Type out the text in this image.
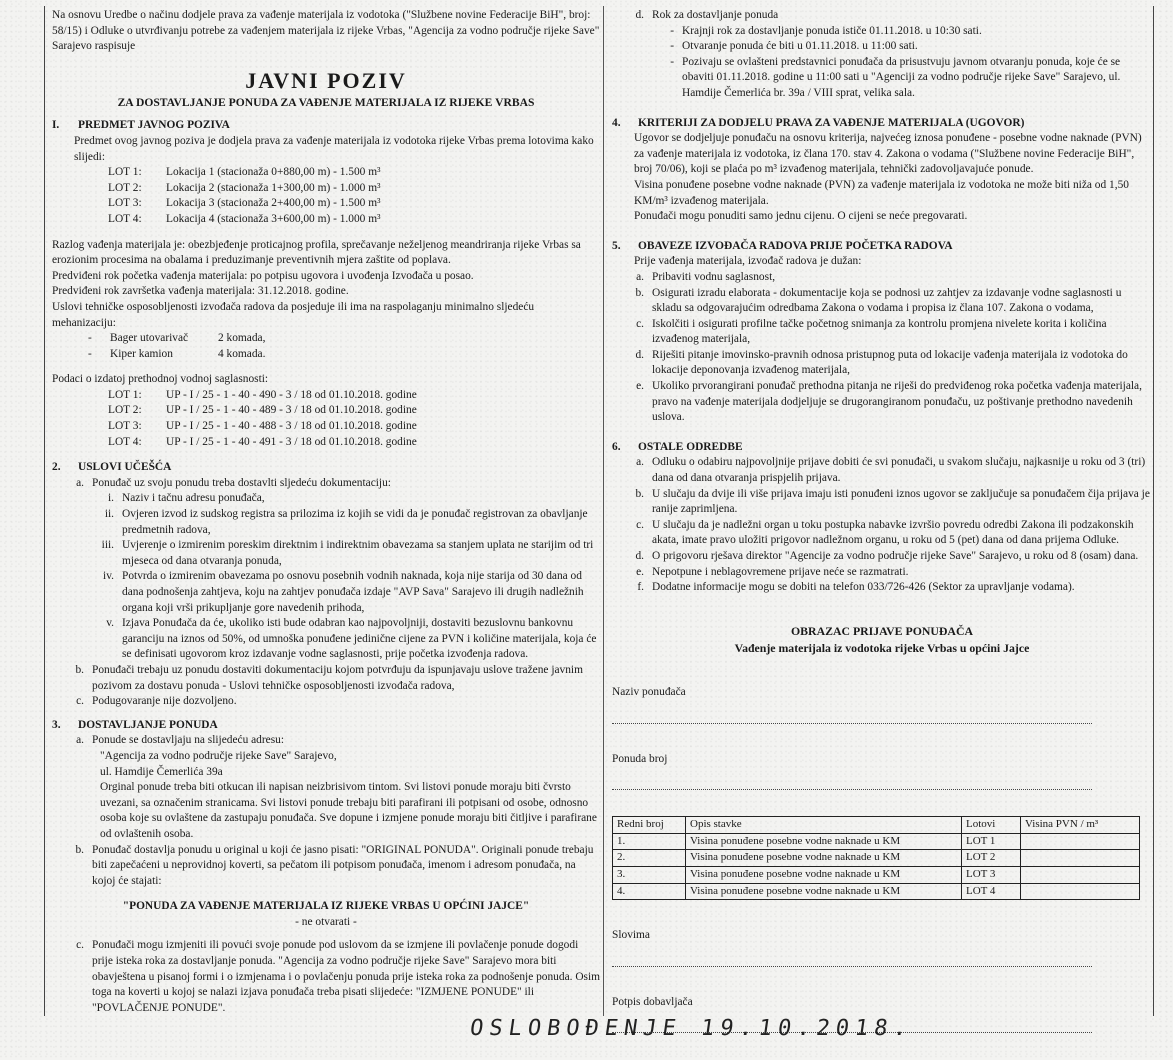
Na osnovu Uredbe o načinu dodjele prava za vađenje materijala iz vodotoka ("Službene novine Federacije BiH", broj: 58/15) i Odluke o utvrđivanju potrebe za vađenjem materijala iz rijeke Vrbas, "Agencija za vodno područje rijeke Save" Sarajevo raspisuje

JAVNI POZIV
ZA DOSTAVLJANJE PONUDA ZA VAĐENJE MATERIJALA IZ RIJEKE VRBAS
I. PREDMET JAVNOG POZIVA

Predmet ovog javnog poziva je dodjela prava za vađenje materijala iz vodotoka rijeke Vrbas prema lotovima kako slijedi:

LOT 1:	Lokacija 1 (stacionaža 0+880,00 m) - 1.500 m³
LOT 2:	Lokacija 2 (stacionaža 1+300,00 m) - 1.000 m³
LOT 3:	Lokacija 3 (stacionaža 2+400,00 m) - 1.500 m³
LOT 4:	Lokacija 4 (stacionaža 3+600,00 m) - 1.000 m³

Razlog vađenja materijala je: obezbjeđenje proticajnog profila, sprečavanje neželjenog meandriranja rijeke Vrbas sa erozionim procesima na obalama i preduzimanje preventivnih mjera zaštite od poplava.

Predviđeni rok početka vađenja materijala: po potpisu ugovora i uvođenja Izvođača u posao.

Predviđeni rok završetka vađenja materijala: 31.12.2018. godine.

Uslovi tehničke osposobljenosti izvođača radova da posjeduje ili ima na raspolaganju minimalno sljedeću mehanizaciju:

-	Bager utovarivač	2 komada,
-	Kiper kamion	4 komada.

Podaci o izdatoj prethodnoj vodnoj saglasnosti:

LOT 1:	UP - I / 25 - 1 - 40 - 490 - 3 / 18 od 01.10.2018. godine
LOT 2:	UP - I / 25 - 1 - 40 - 489 - 3 / 18 od 01.10.2018. godine
LOT 3:	UP - I / 25 - 1 - 40 - 488 - 3 / 18 od 01.10.2018. godine
LOT 4:	UP - I / 25 - 1 - 40 - 491 - 3 / 18 od 01.10.2018. godine
2. USLOVI UČEŠĆA
a. Ponuđač uz svoju ponudu treba dostavlti sljedeću dokumentaciju:
i. Naziv i tačnu adresu ponuđača,
ii. Ovjeren izvod iz sudskog registra sa prilozima iz kojih se vidi da je ponuđač registrovan za obavljanje predmetnih radova,
iii. Uvjerenje o izmirenim poreskim direktnim i indirektnim obavezama sa stanjem uplata ne starijim od tri mjeseca od dana otvaranja ponuda,
iv. Potvrda o izmirenim obavezama po osnovu posebnih vodnih naknada, koja nije starija od 30 dana od dana podnošenja zahtjeva, koju na zahtjev ponuđača izdaje "AVP Sava" Sarajevo ili drugih nadležnih organa koji vrši prikupljanje gore navedenih prihoda,
v. Izjava Ponuđača da će, ukoliko isti bude odabran kao najpovoljniji, dostaviti bezuslovnu bankovnu garanciju na iznos od 50%, od umnoška ponuđene jedinične cijene za PVN i količine materijala, koja će se definisati ugovorom kroz izdavanje vodne saglasnosti, prije početka izvođenja radova.
b. Ponuđači trebaju uz ponudu dostaviti dokumentaciju kojom potvrđuju da ispunjavaju uslove tražene javnim pozivom za dostavu ponuda - Uslovi tehničke osposobljenosti izvođača radova,
c. Podugovaranje nije dozvoljeno.
3. DOSTAVLJANJE PONUDA
a. Ponude se dostavljaju na slijedeću adresu:

"Agencija za vodno područje rijeke Save" Sarajevo,

ul. Hamdije Čemerlića 39a

Orginal ponude treba biti otkucan ili napisan neizbrisivom tintom. Svi listovi ponude moraju biti čvrsto uvezani, sa označenim stranicama. Svi listovi ponude trebaju biti parafirani ili potpisani od osobe, odnosno osoba koje su ovlaštene da zastupaju ponuđača. Sve dopune i izmjene ponude moraju biti čitljive i parafirane od ovlaštenih osoba.

b. Ponuđač dostavlja ponudu u original u koji će jasno pisati: "ORIGINAL PONUDA". Originali ponude trebaju biti zapečaćeni u neprovidnoj koverti, sa pečatom ili potpisom ponuđača, imenom i adresom ponuđača, na kojoj će stajati:

"PONUDA ZA VAĐENJE MATERIJALA IZ RIJEKE VRBAS U OPĆINI JAJCE"

- ne otvarati -

c. Ponuđači mogu izmjeniti ili povući svoje ponude pod uslovom da se izmjene ili povlačenje ponude dogodi prije isteka roka za dostavljanje ponuda. "Agencija za vodno područje rijeke Save" Sarajevo mora biti obavještena u pisanoj formi i o izmjenama i o povlačenju ponuda prije isteka roka za podnošenje ponuda. Osim toga na koverti u kojoj se nalazi izjava ponuđača treba pisati slijedeće: "IZMJENE PONUDE" ili "POVLAČENJE PONUDE".
d. Rok za dostavljanje ponuda
- Krajnji rok za dostavljanje ponuda ističe 01.11.2018. u 10:30 sati.
- Otvaranje ponuda će biti u 01.11.2018. u 11:00 sati.
- Pozivaju se ovlašteni predstavnici ponuđača da prisustvuju javnom otvaranju ponuda, koje će se obaviti 01.11.2018. godine u 11:00 sati u "Agenciji za vodno područje rijeke Save" Sarajevo, ul. Hamdije Čemerlića br. 39a / VIII sprat, velika sala.
4. KRITERIJI ZA DODJELU PRAVA ZA VAĐENJE MATERIJALA (UGOVOR)

Ugovor se dodjeljuje ponuđaču na osnovu kriterija, najvećeg iznosa ponuđene - posebne vodne naknade (PVN) za vađenje materijala iz vodotoka, iz člana 170. stav 4. Zakona o vodama ("Službene novine Federacije BiH", broj 70/06), koji se plaća po m³ izvađenog materijala, tehnički zadovoljavajuće ponude.

Visina ponuđene posebne vodne naknade (PVN) za vađenje materijala iz vodotoka ne može biti niža od 1,50 KM/m³ izvađenog materijala.

Ponuđači mogu ponuditi samo jednu cijenu. O cijeni se neće pregovarati.

5. OBAVEZE IZVOĐAČA RADOVA PRIJE POČETKA RADOVA

Prije vađenja materijala, izvođač radova je dužan:

a. Pribaviti vodnu saglasnost,
b. Osigurati izradu elaborata - dokumentacije koja se podnosi uz zahtjev za izdavanje vodne saglasnosti u skladu sa odgovarajućim odredbama Zakona o vodama i propisa iz člana 107. Zakona o vodama,
c. Iskolčiti i osigurati profilne tačke početnog snimanja za kontrolu promjena nivelete korita i količina izvađenog materijala,
d. Riješiti pitanje imovinsko-pravnih odnosa pristupnog puta od lokacije vađenja materijala iz vodotoka do lokacije deponovanja izvađenog materijala,
e. Ukoliko prvorangirani ponuđač prethodna pitanja ne riješi do predviđenog roka početka vađenja materijala, pravo na vađenje materijala dodjeljuje se drugorangiranom ponuđaču, uz poštivanje prethodno navedenih uslova.
6. OSTALE ODREDBE
a. Odluku o odabiru najpovoljnije prijave dobiti će svi ponuđači, u svakom slučaju, najkasnije u roku od 3 (tri) dana od dana otvaranja prispjelih prijava.
b. U slučaju da dvije ili više prijava imaju isti ponuđeni iznos ugovor se zaključuje sa ponuđačem čija prijava je ranije zaprimljena.
c. U slučaju da je nadležni organ u toku postupka nabavke izvršio povredu odredbi Zakona ili podzakonskih akata, imate pravo uložiti prigovor nadležnom organu, u roku od 5 (pet) dana od dana prijema Odluke.
d. O prigovoru rješava direktor "Agencije za vodno područje rijeke Save" Sarajevo, u roku od 8 (osam) dana.
e. Nepotpune i neblagovremene prijave neće se razmatrati.
f. Dodatne informacije mogu se dobiti na telefon 033/726-426 (Sektor za upravljanje vodama).
OBRAZAC PRIJAVE PONUĐAČA
Vađenje materijala iz vodotoka rijeke Vrbas u općini Jajce
Naziv ponuđača
Ponuda broj
Redni broj	Opis stavke	Lotovi	Visina PVN / m³
1.	Visina ponuđene posebne vodne naknade u KM	LOT 1	
2.	Visina ponuđene posebne vodne naknade u KM	LOT 2	
3.	Visina ponuđene posebne vodne naknade u KM	LOT 3	
4.	Visina ponuđene posebne vodne naknade u KM	LOT 4	
Slovima
Potpis dobavljača
OSLOBOĐENJE 19.10.2018.
